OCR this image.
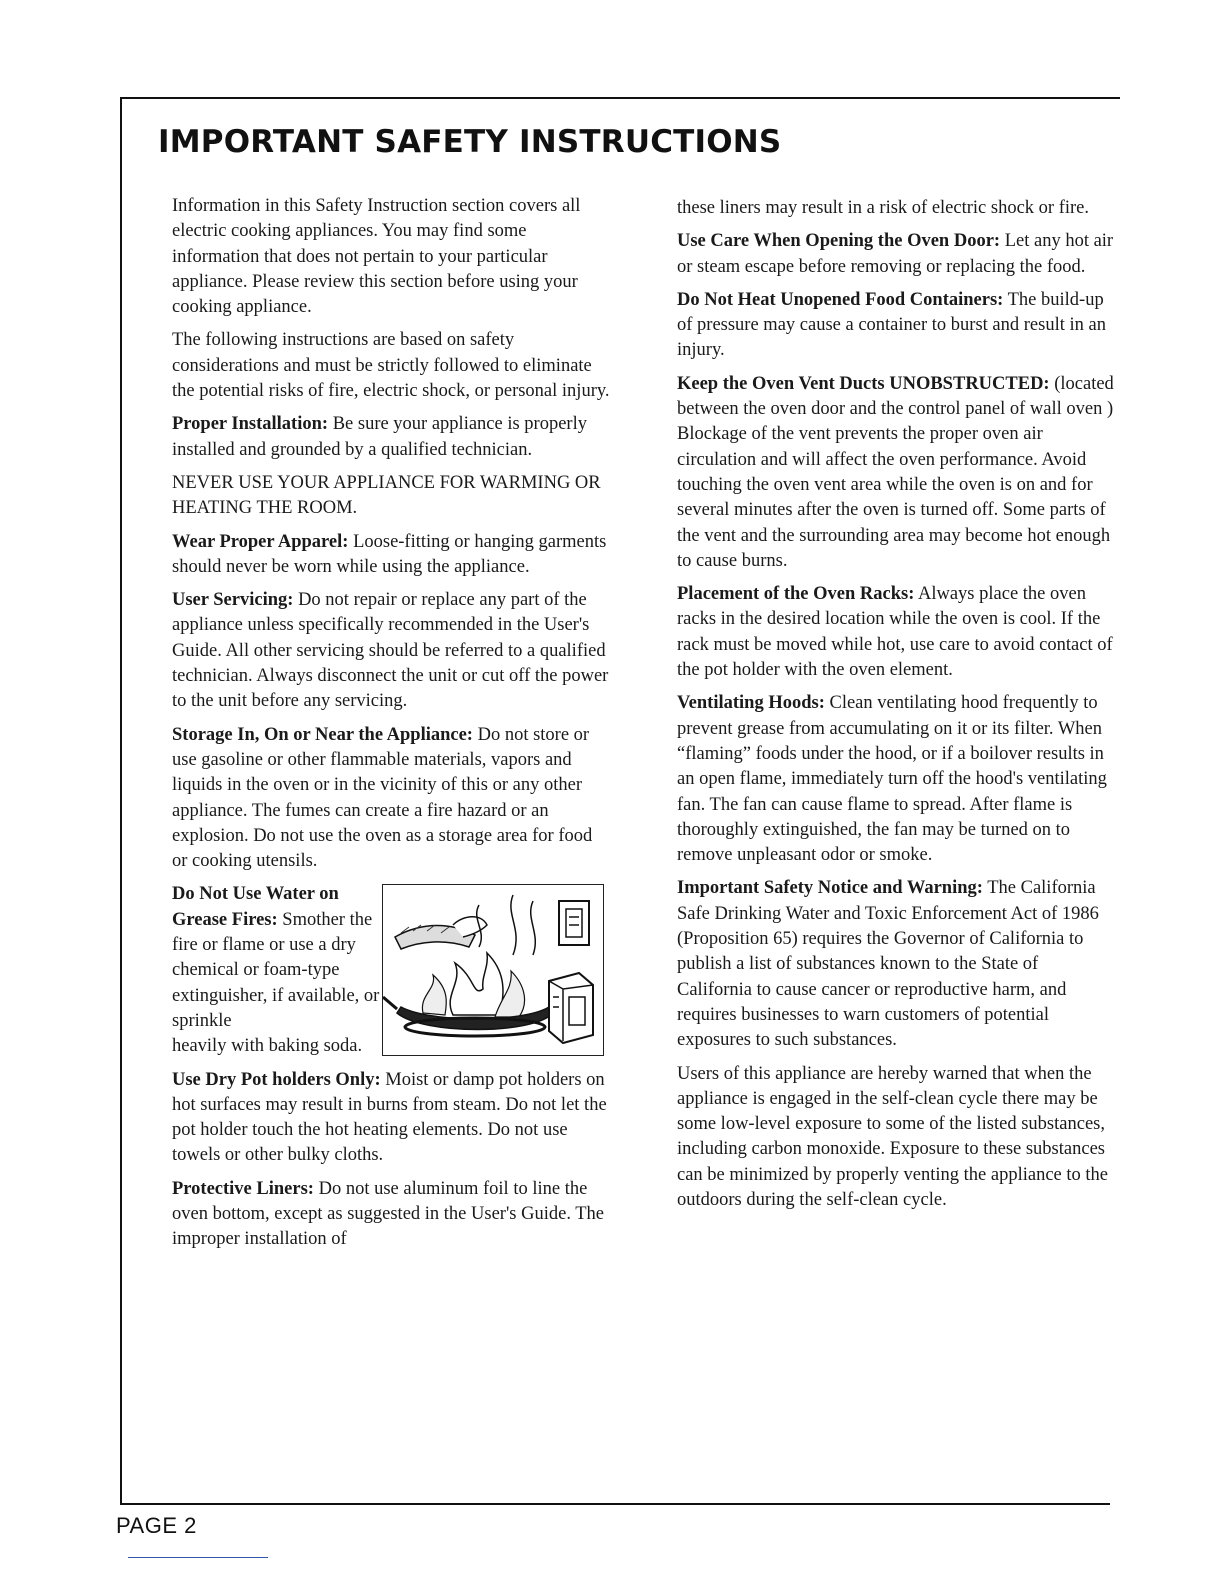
IMPORTANT SAFETY INSTRUCTIONS

Information in this Safety Instruction section covers all electric cooking appliances. You may find some information that does not pertain to your particular appliance. Please review this section before using your cooking appliance.

The following instructions are based on safety considerations and must be strictly followed to eliminate the potential risks of fire, electric shock, or personal injury.

Proper Installation: Be sure your appliance is properly installed and grounded by a qualified technician.

NEVER USE YOUR APPLIANCE FOR WARMING OR HEATING THE ROOM.

Wear Proper Apparel: Loose-fitting or hanging garments should never be worn while using the appliance.

User Servicing: Do not repair or replace any part of the appliance unless specifically recommended in the User's Guide. All other servicing should be referred to a qualified technician. Always disconnect the unit or cut off the power to the unit before any servicing.

Storage In, On or Near the Appliance: Do not store or use gasoline or other flammable materials, vapors and liquids in the oven or in the vicinity of this or any other appliance. The fumes can create a fire hazard or an explosion. Do not use the oven as a storage area for food or cooking utensils.

Do Not Use Water on Grease Fires: Smother the fire or flame or use a dry chemical or foam-type extinguisher, if available, or sprinkle
heavily with baking soda.

Use Dry Pot holders Only: Moist or damp pot holders on hot surfaces may result in burns from steam. Do not let the pot holder touch the hot heating elements. Do not use towels or other bulky cloths.

Protective Liners: Do not use aluminum foil to line the oven bottom, except as suggested in the User's Guide. The improper installation of

these liners may result in a risk of electric shock or fire.

Use Care When Opening the Oven Door: Let any hot air or steam escape before removing or replacing the food.

Do Not Heat Unopened Food Containers: The build-up of pressure may cause a container to burst and result in an injury.

Keep the Oven Vent Ducts UNOBSTRUCTED: (located between the oven door and the control panel of wall oven ) Blockage of the vent prevents the proper oven air circulation and will affect the oven performance. Avoid touching the oven vent area while the oven is on and for several minutes after the oven is turned off. Some parts of the vent and the surrounding area may become hot enough to cause burns.

Placement of the Oven Racks: Always place the oven racks in the desired location while the oven is cool. If the rack must be moved while hot, use care to avoid contact of the pot holder with the oven element.

Ventilating Hoods: Clean ventilating hood frequently to prevent grease from accumulating on it or its filter. When “flaming” foods under the hood, or if a boilover results in an open flame, immediately turn off the hood's ventilating fan. The fan can cause flame to spread. After flame is thoroughly extinguished, the fan may be turned on to remove unpleasant odor or smoke.

Important Safety Notice and Warning: The California Safe Drinking Water and Toxic Enforcement Act of 1986 (Proposition 65) requires the Governor of California to publish a list of substances known to the State of California to cause cancer or reproductive harm, and requires businesses to warn customers of potential exposures to such substances.

Users of this appliance are hereby warned that when the appliance is engaged in the self-clean cycle there may be some low-level exposure to some of the listed substances, including carbon monoxide. Exposure to these substances can be minimized by properly venting the appliance to the outdoors during the self-clean cycle.

PAGE 2
